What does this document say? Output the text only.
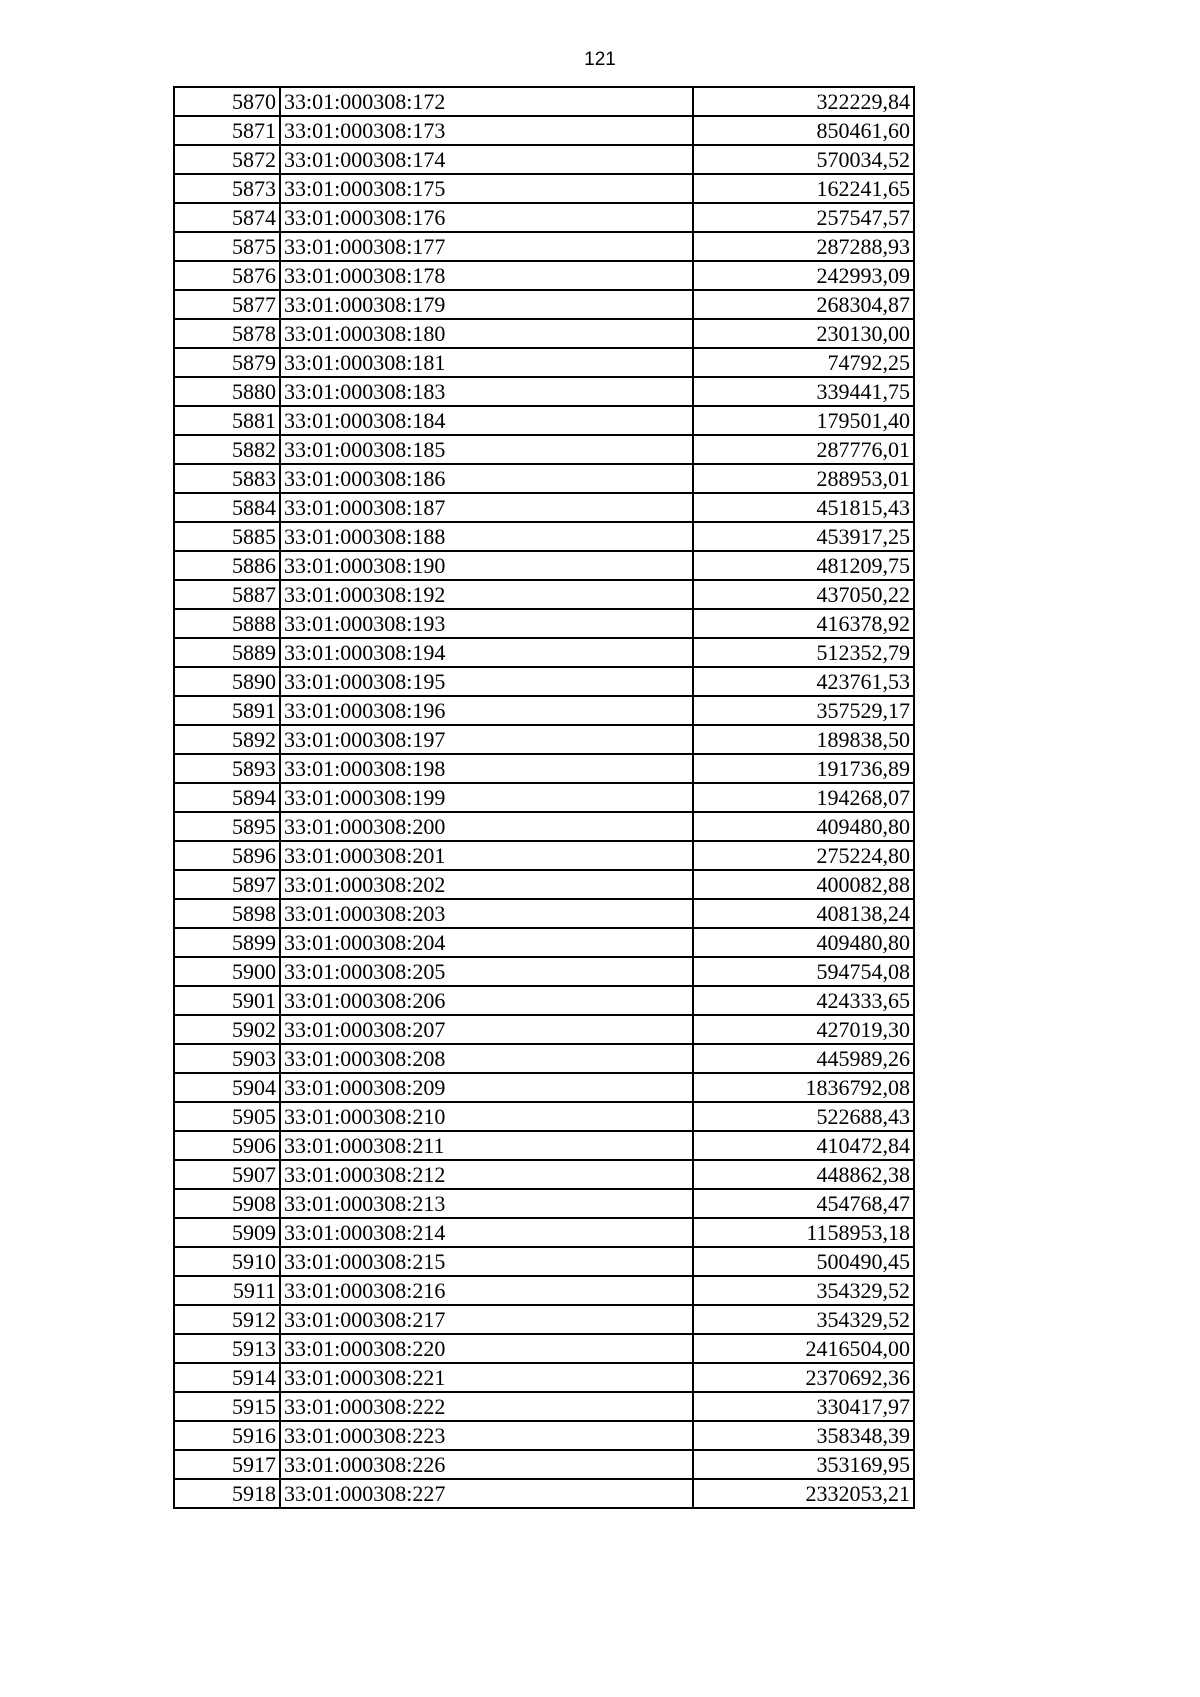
121
5870	33:01:000308:172	322229,84
5871	33:01:000308:173	850461,60
5872	33:01:000308:174	570034,52
5873	33:01:000308:175	162241,65
5874	33:01:000308:176	257547,57
5875	33:01:000308:177	287288,93
5876	33:01:000308:178	242993,09
5877	33:01:000308:179	268304,87
5878	33:01:000308:180	230130,00
5879	33:01:000308:181	74792,25
5880	33:01:000308:183	339441,75
5881	33:01:000308:184	179501,40
5882	33:01:000308:185	287776,01
5883	33:01:000308:186	288953,01
5884	33:01:000308:187	451815,43
5885	33:01:000308:188	453917,25
5886	33:01:000308:190	481209,75
5887	33:01:000308:192	437050,22
5888	33:01:000308:193	416378,92
5889	33:01:000308:194	512352,79
5890	33:01:000308:195	423761,53
5891	33:01:000308:196	357529,17
5892	33:01:000308:197	189838,50
5893	33:01:000308:198	191736,89
5894	33:01:000308:199	194268,07
5895	33:01:000308:200	409480,80
5896	33:01:000308:201	275224,80
5897	33:01:000308:202	400082,88
5898	33:01:000308:203	408138,24
5899	33:01:000308:204	409480,80
5900	33:01:000308:205	594754,08
5901	33:01:000308:206	424333,65
5902	33:01:000308:207	427019,30
5903	33:01:000308:208	445989,26
5904	33:01:000308:209	1836792,08
5905	33:01:000308:210	522688,43
5906	33:01:000308:211	410472,84
5907	33:01:000308:212	448862,38
5908	33:01:000308:213	454768,47
5909	33:01:000308:214	1158953,18
5910	33:01:000308:215	500490,45
5911	33:01:000308:216	354329,52
5912	33:01:000308:217	354329,52
5913	33:01:000308:220	2416504,00
5914	33:01:000308:221	2370692,36
5915	33:01:000308:222	330417,97
5916	33:01:000308:223	358348,39
5917	33:01:000308:226	353169,95
5918	33:01:000308:227	2332053,21
